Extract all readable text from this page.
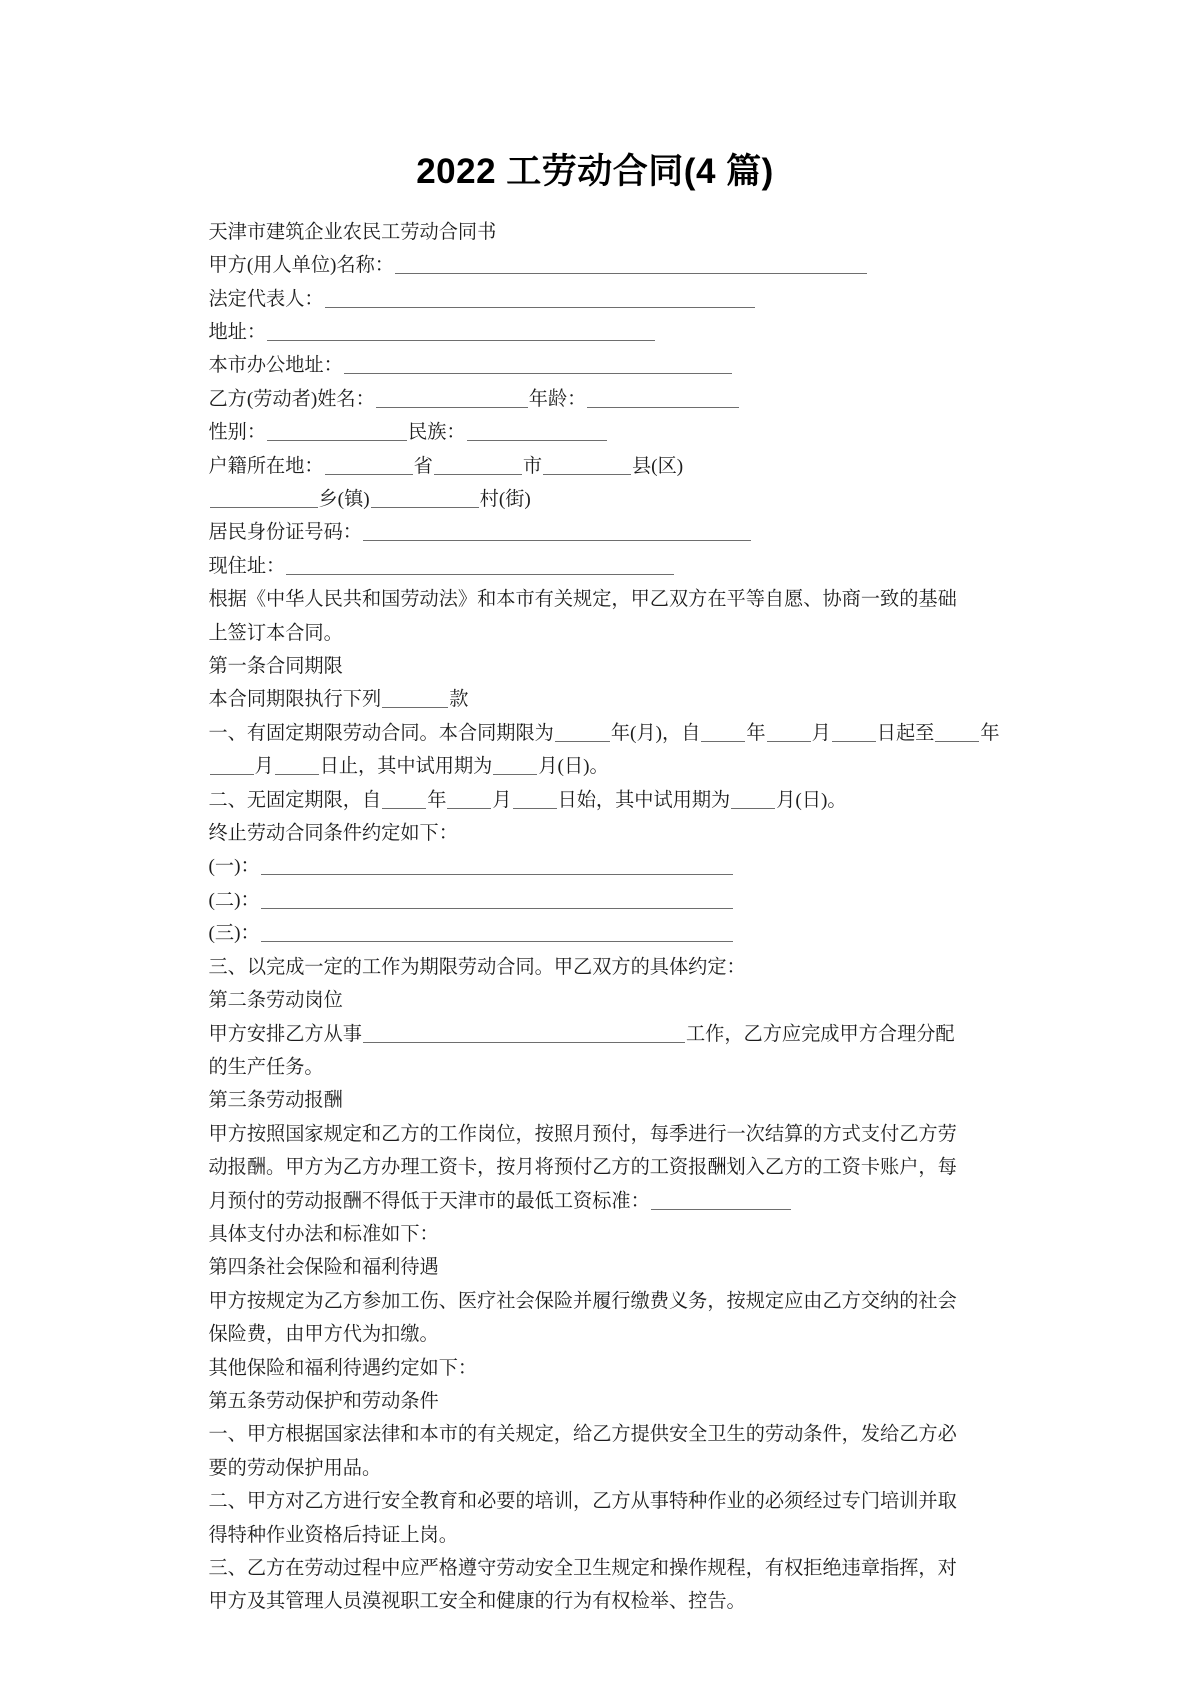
2022 工劳动合同(4 篇)

天津市建筑企业农民工劳动合同书

甲方(用人单位)名称：

法定代表人：

地址：

本市办公地址：

乙方(劳动者)姓名：	年龄：

性别：	民族：

户籍所在地：	省	市	县(区)

乡(镇)	村(街)

居民身份证号码：

现住址：

根据《中华人民共和国劳动法》和本市有关规定，甲乙双方在平等自愿、协商一致的基础

上签订本合同。

第一条合同期限

本合同期限执行下列	款

一、有固定期限劳动合同。本合同期限为	年(月)，自 年 月 日起至 年

月 日止，其中试用期为 月(日)。

二、无固定期限，自 年 月 日始，其中试用期为 月(日)。

终止劳动合同条件约定如下：

(一)：

(二)：

(三)：

三、以完成一定的工作为期限劳动合同。甲乙双方的具体约定：

第二条劳动岗位

甲方安排乙方从事	工作，乙方应完成甲方合理分配

的生产任务。

第三条劳动报酬

甲方按照国家规定和乙方的工作岗位，按照月预付，每季进行一次结算的方式支付乙方劳

动报酬。甲方为乙方办理工资卡，按月将预付乙方的工资报酬划入乙方的工资卡账户，每

月预付的劳动报酬不得低于天津市的最低工资标准：

具体支付办法和标准如下：

第四条社会保险和福利待遇

甲方按规定为乙方参加工伤、医疗社会保险并履行缴费义务，按规定应由乙方交纳的社会

保险费，由甲方代为扣缴。

其他保险和福利待遇约定如下：

第五条劳动保护和劳动条件

一、甲方根据国家法律和本市的有关规定，给乙方提供安全卫生的劳动条件，发给乙方必

要的劳动保护用品。

二、甲方对乙方进行安全教育和必要的培训，乙方从事特种作业的必须经过专门培训并取

得特种作业资格后持证上岗。

三、乙方在劳动过程中应严格遵守劳动安全卫生规定和操作规程，有权拒绝违章指挥，对

甲方及其管理人员漠视职工安全和健康的行为有权检举、控告。
